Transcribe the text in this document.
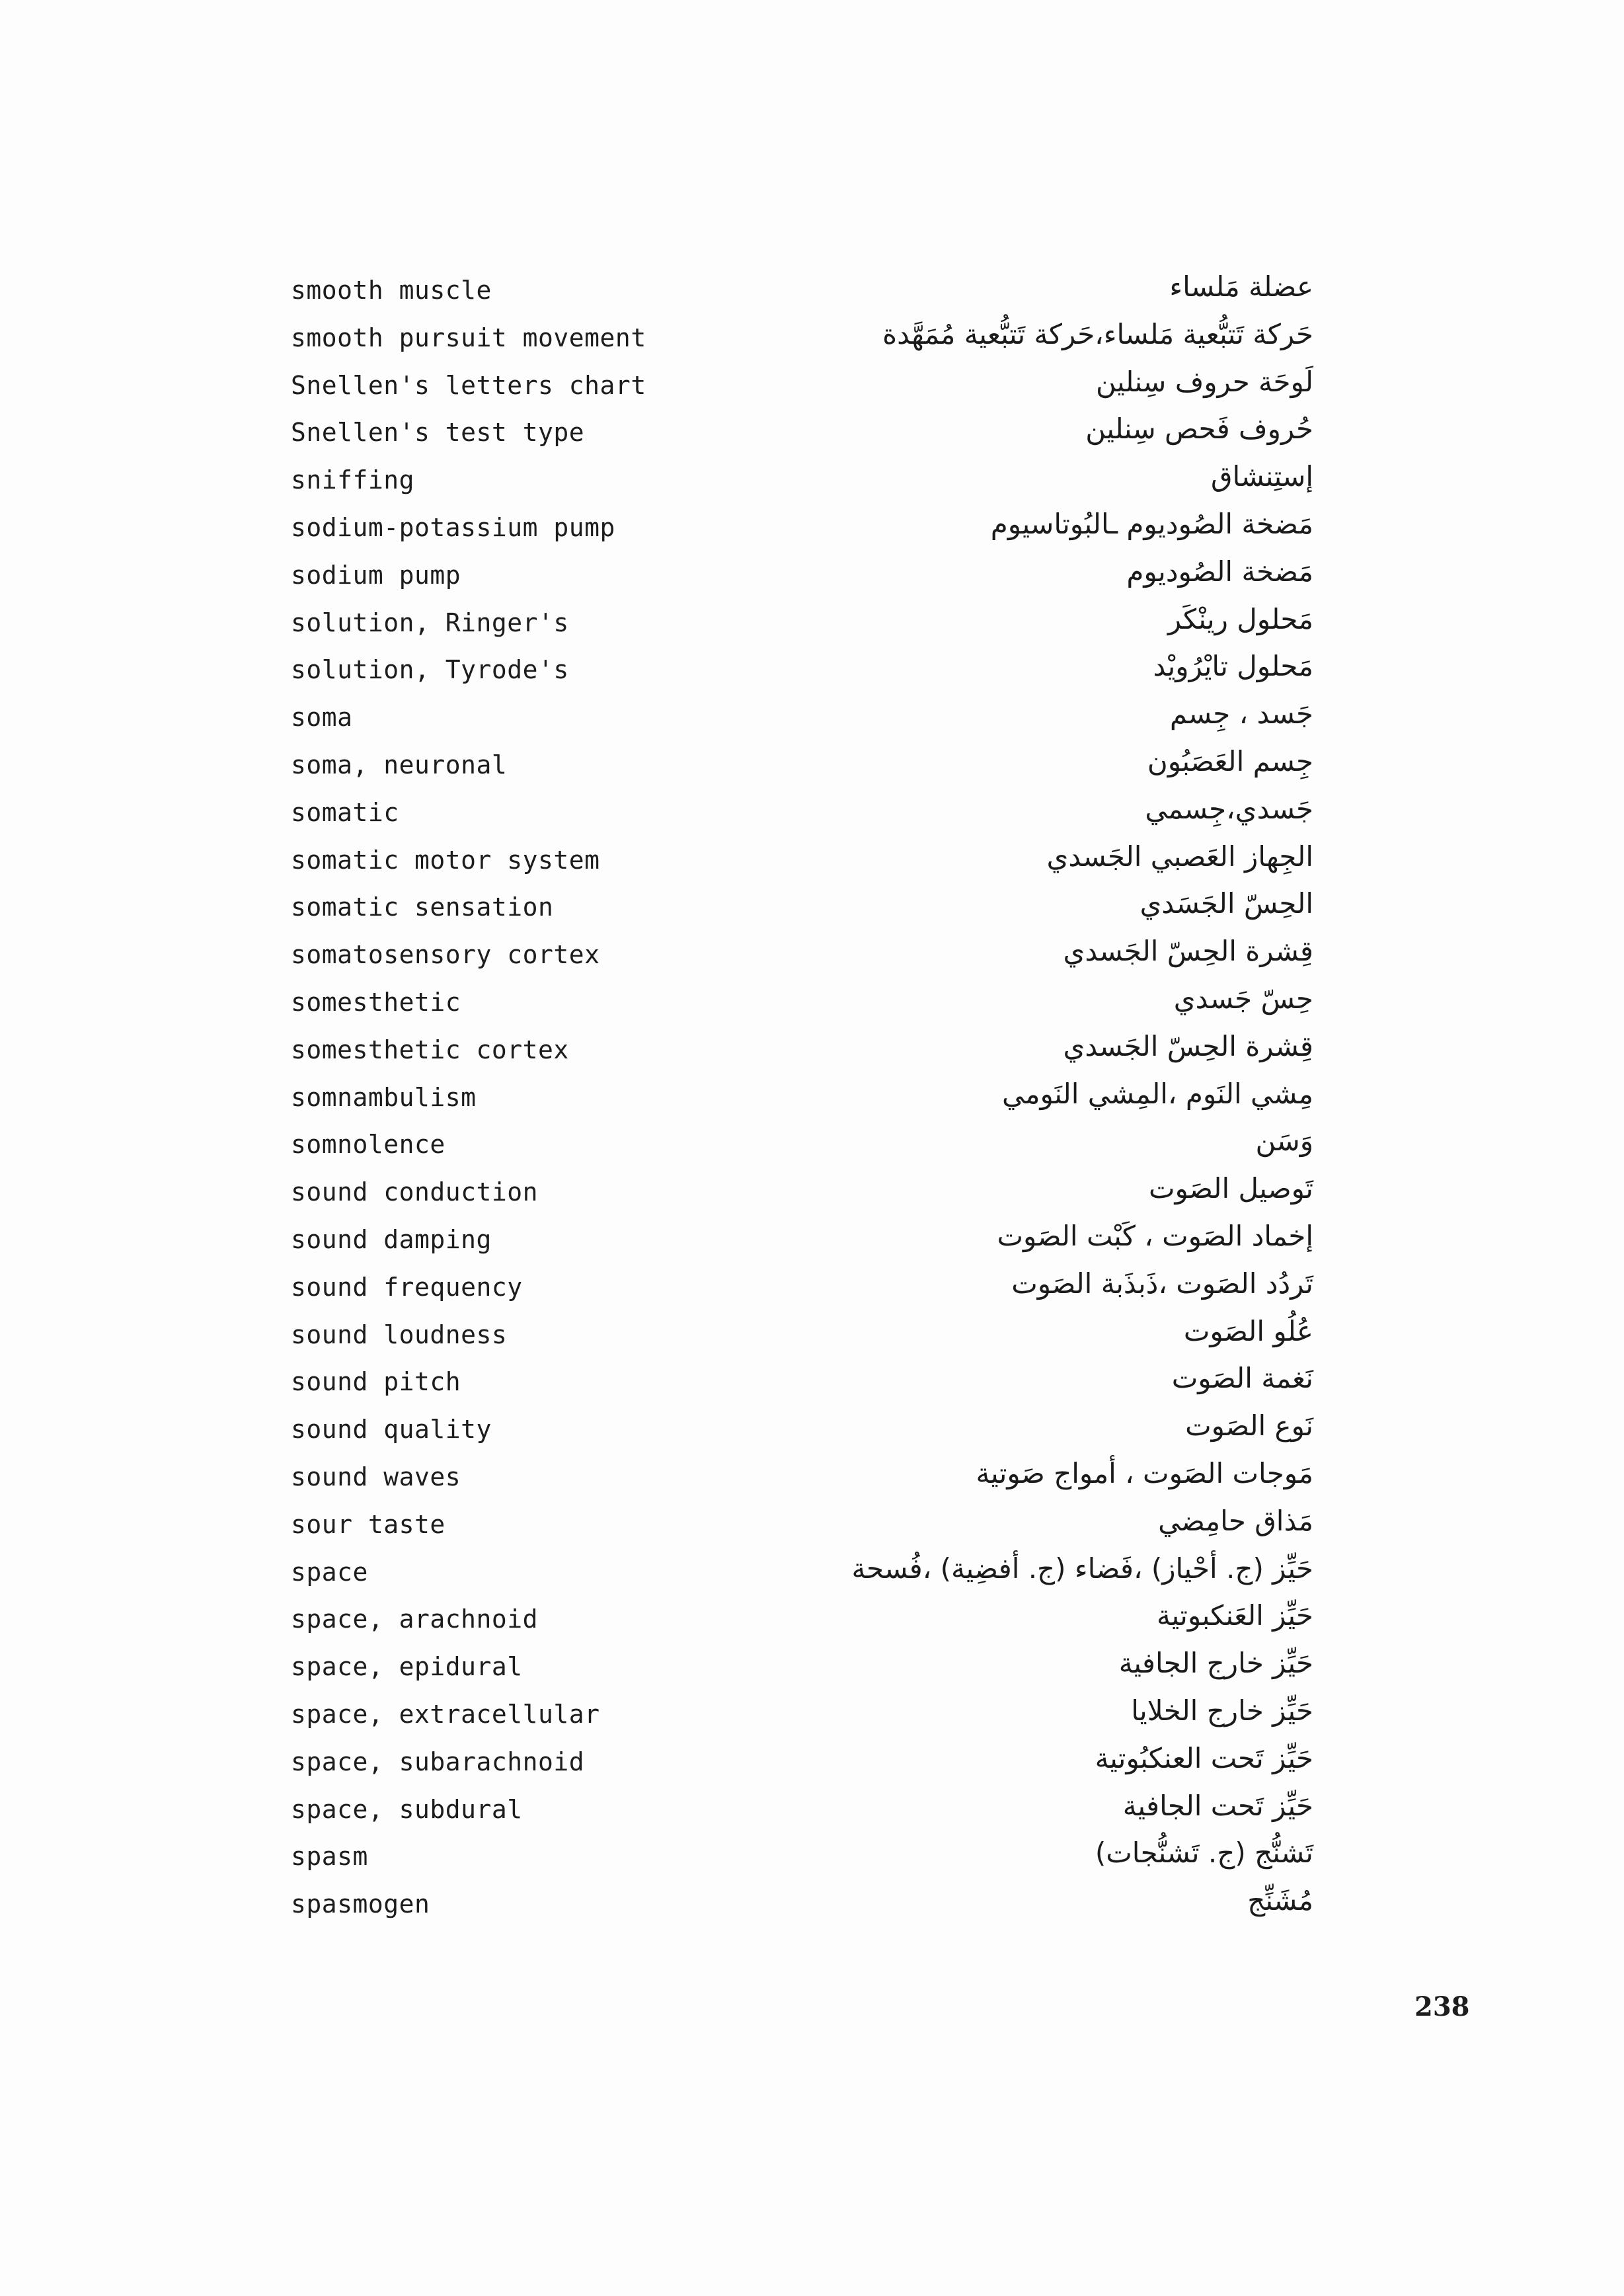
smooth muscle	عضلة مَلساء
smooth pursuit movement	حَركة تَتبُّعية مَلساء،حَركة تَتبُّعية مُمَهَّدة
Snellen's letters chart	لَوحَة حروف سِنلين
Snellen's test type	حُروف فَحص سِنلين
sniffing	إستِنشاق
sodium-potassium pump	مَضخة الصُوديوم ـالبُوتاسيوم
sodium pump	مَضخة الصُوديوم
solution, Ringer's	مَحلول رينْكَر
solution, Tyrode's	مَحلول تايْرُويْد
soma	جَسد ، جِسم
soma, neuronal	جِسم العَصَبُون
somatic	جَسدي،جِسمي
somatic motor system	الجِهاز العَصبي الجَسدي
somatic sensation	الحِسّ الجَسَدي
somatosensory cortex	قِشرة الحِسّ الجَسدي
somesthetic	حِسّ جَسدي
somesthetic cortex	قِشرة الحِسّ الجَسدي
somnambulism	مِشي النَوم ،المِشي النَومي
somnolence	وَسَن
sound conduction	تَوصيل الصَوت
sound damping	إخماد الصَوت ، كَبْت الصَوت
sound frequency	تَردُد الصَوت ،ذَبذَبة الصَوت
sound loudness	عُلُو الصَوت
sound pitch	نَغمة الصَوت
sound quality	نَوع الصَوت
sound waves	مَوجات الصَوت ، أمواج صَوتية
sour taste	مَذاق حامِضي
space	حَيِّز (ج. أحْياز) ،فَضاء (ج. أفضِية) ،فُسحة
space, arachnoid	حَيِّز العَنكبوتية
space, epidural	حَيِّز خارج الجافية
space, extracellular	حَيِّز خارج الخلايا
space, subarachnoid	حَيِّز تَحت العنكبُوتية
space, subdural	حَيِّز تَحت الجافية
spasm	تَشنُّج (ج. تَشنُّجات)
spasmogen	مُشَنِّج
238
